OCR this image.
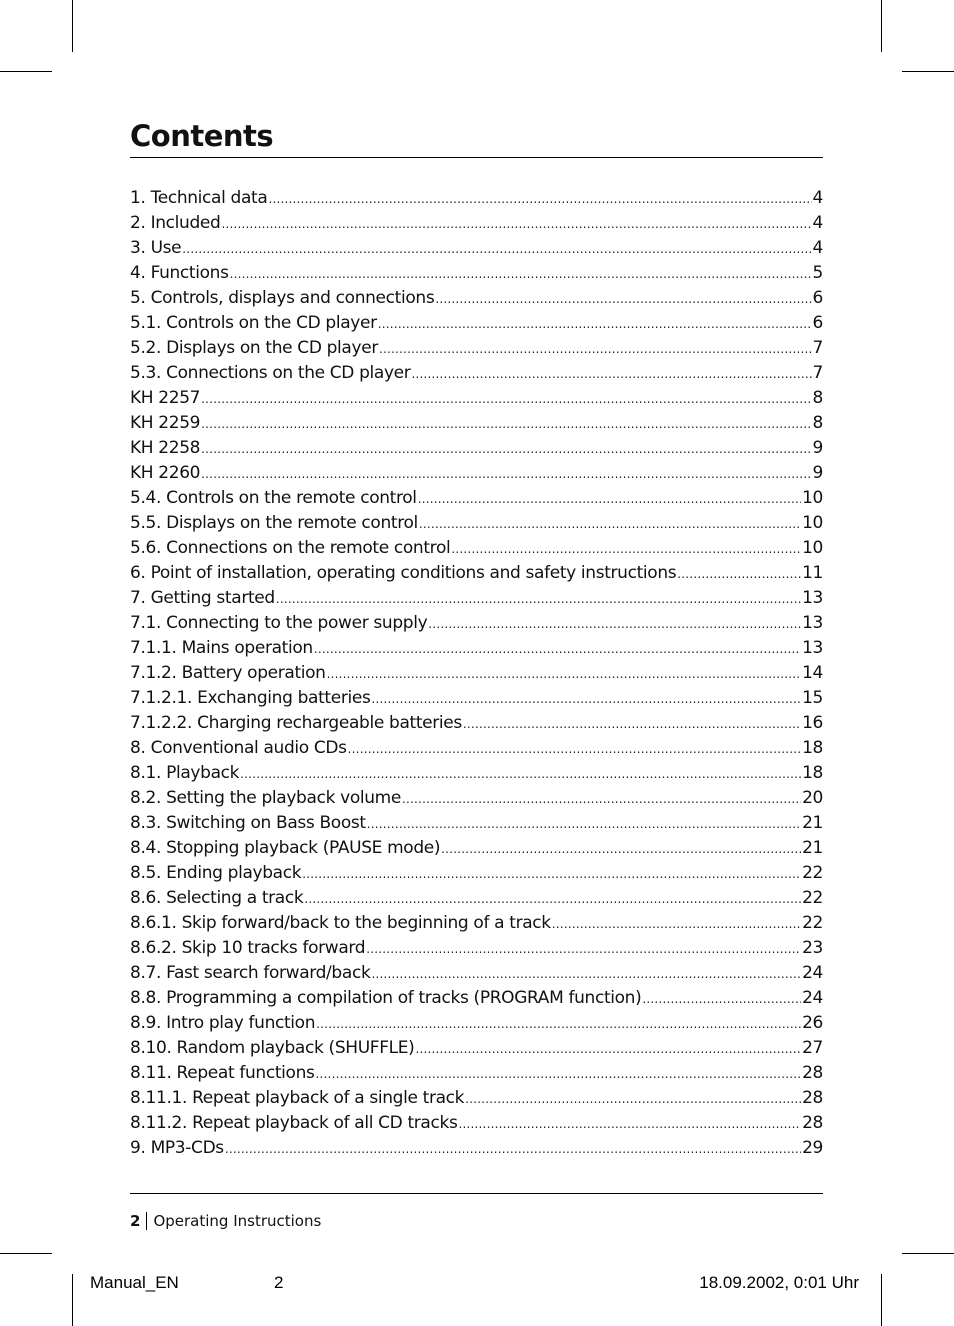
Contents
1. Technical data .....	4
2. Included .....	4
3. Use .....	4
4. Functions .....	5
5. Controls, displays and connections .....	6
5.1. Controls on the CD player .....	6
5.2. Displays on the CD player .....	7
5.3. Connections on the CD player .....	7
KH 2257 .....	8
KH 2259 .....	8
KH 2258 .....	9
KH 2260 .....	9
5.4. Controls on the remote control .....	10
5.5. Displays on the remote control .....	10
5.6. Connections on the remote control .....	10
6. Point of installation, operating conditions and safety instructions .....	11
7. Getting started .....	13
7.1. Connecting to the power supply .....	13
7.1.1. Mains operation .....	13
7.1.2. Battery operation .....	14
7.1.2.1. Exchanging batteries .....	15
7.1.2.2. Charging rechargeable batteries .....	16
8. Conventional audio CDs .....	18
8.1. Playback .....	18
8.2. Setting the playback volume .....	20
8.3. Switching on Bass Boost .....	21
8.4. Stopping playback (PAUSE mode) .....	21
8.5. Ending playback .....	22
8.6. Selecting a track .....	22
8.6.1. Skip forward/back to the beginning of a track .....	22
8.6.2. Skip 10 tracks forward .....	23
8.7. Fast search forward/back .....	24
8.8. Programming a compilation of tracks (PROGRAM function) .....	24
8.9. Intro play function .....	26
8.10. Random playback (SHUFFLE) .....	27
8.11. Repeat functions .....	28
8.11.1. Repeat playback of a single track .....	28
8.11.2. Repeat playback of all CD tracks .....	28
9. MP3-CDs .....	29
2 Operating Instructions
Manual_EN	2	18.09.2002, 0:01 Uhr
